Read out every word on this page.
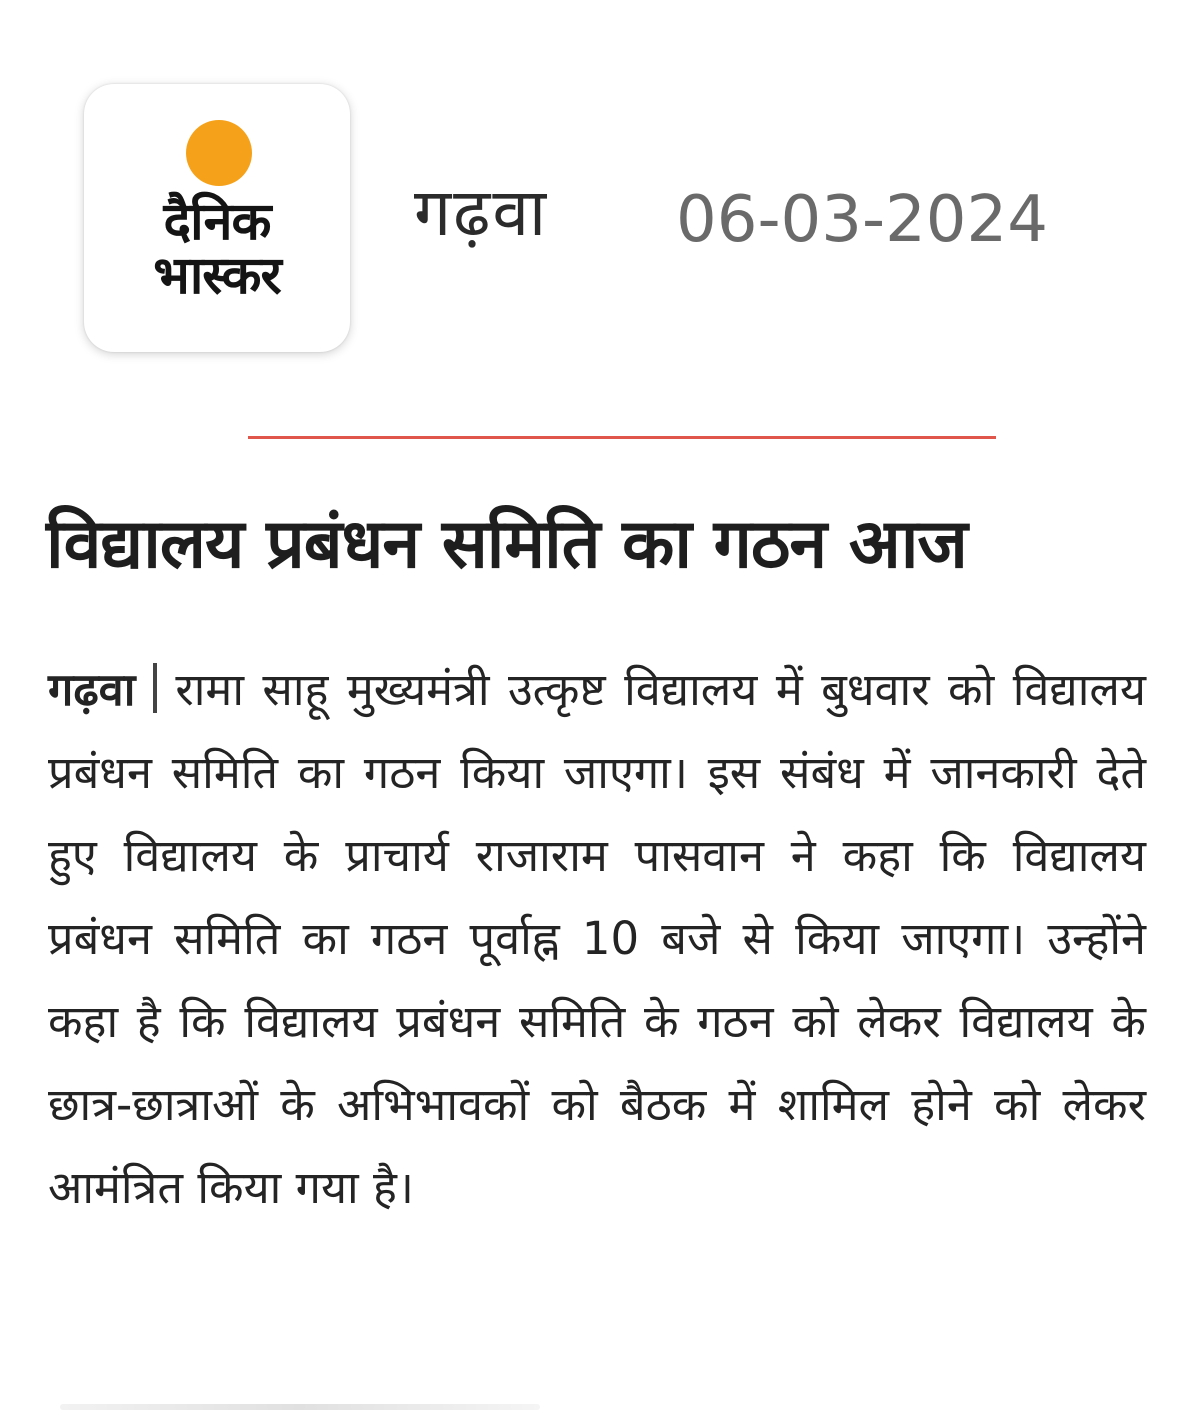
दैनिक
भास्कर
गढ़वा 06-03-2024
विद्यालय प्रबंधन समिति का गठन आज
गढ़वा रामा साहू मुख्यमंत्री उत्कृष्ट विद्यालय में बुधवार को विद्यालय प्रबंधन समिति का गठन किया जाएगा। इस संबंध में जानकारी देते हुए विद्यालय के प्राचार्य राजाराम पासवान ने कहा कि विद्यालय प्रबंधन समिति का गठन पूर्वाह्न 10 बजे से किया जाएगा। उन्होंने कहा है कि विद्यालय प्रबंधन समिति के गठन को लेकर विद्यालय के छात्र-छात्राओं के अभिभावकों को बैठक में शामिल होने को लेकर आमंत्रित किया गया है।
